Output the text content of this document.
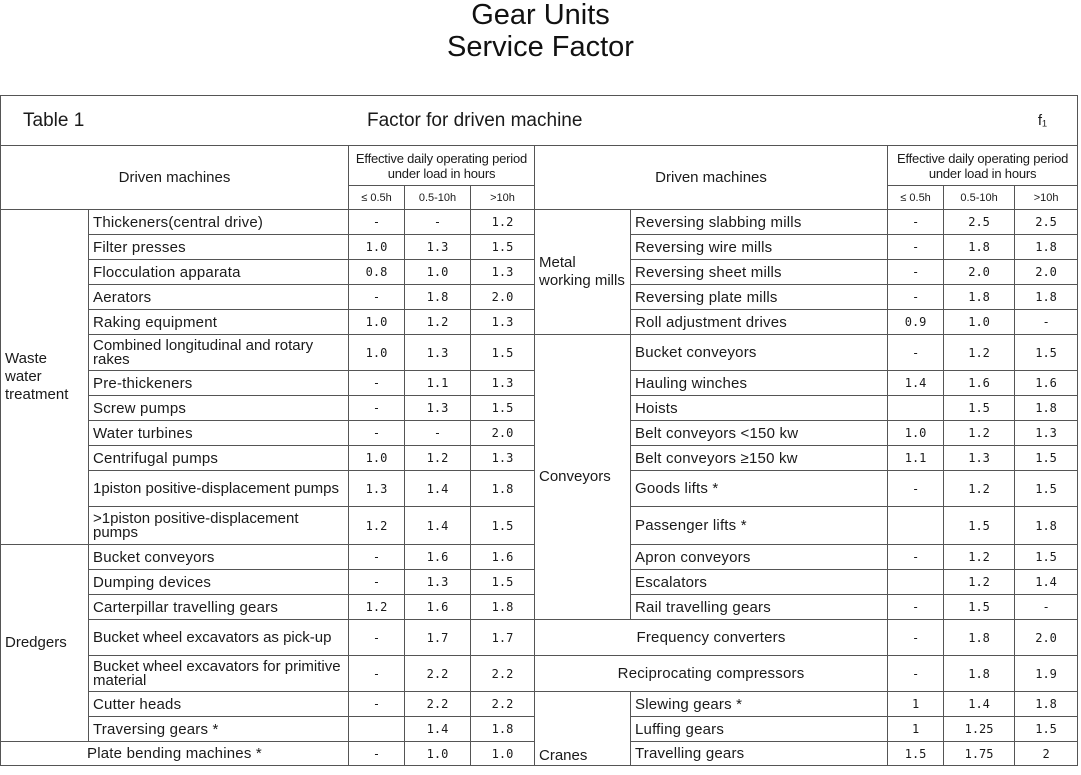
Gear Units
Service Factor
Table 1		Factor for driven machine					f₁		
Driven machines		Effective daily operating period under load in hours			Driven machines		Effective daily operating period under load in hours		
		≤ 0.5h	0.5-10h	>10h			≤ 0.5h	0.5-10h	>10h
Waste water treatment	Thickeners(central drive)	-	-	1.2	Metal working mills	Reversing slabbing mills	-	2.5	2.5
	Filter presses	1.0	1.3	1.5		Reversing wire mills	-	1.8	1.8
	Flocculation apparata	0.8	1.0	1.3		Reversing sheet mills	-	2.0	2.0
	Aerators	-	1.8	2.0		Reversing plate mills	-	1.8	1.8
	Raking equipment	1.0	1.2	1.3		Roll adjustment drives	0.9	1.0	-
	Combined longitudinal and rotary rakes	1.0	1.3	1.5	Conveyors	Bucket conveyors	-	1.2	1.5
	Pre-thickeners	-	1.1	1.3		Hauling winches	1.4	1.6	1.6
	Screw pumps	-	1.3	1.5		Hoists		1.5	1.8
	Water turbines	-	-	2.0		Belt conveyors <150 kw	1.0	1.2	1.3
	Centrifugal pumps	1.0	1.2	1.3		Belt conveyors ≥150 kw	1.1	1.3	1.5
	1piston positive-displacement pumps	1.3	1.4	1.8		Goods lifts *	-	1.2	1.5
	>1piston positive-displacement pumps	1.2	1.4	1.5		Passenger lifts *		1.5	1.8
Dredgers	Bucket conveyors	-	1.6	1.6		Apron conveyors	-	1.2	1.5
	Dumping devices	-	1.3	1.5		Escalators		1.2	1.4
	Carterpillar travelling gears	1.2	1.6	1.8		Rail travelling gears	-	1.5	-
	Bucket wheel excavators as pick-up	-	1.7	1.7	Frequency converters		-	1.8	2.0
	Bucket wheel excavators for primitive material	-	2.2	2.2	Reciprocating compressors		-	1.8	1.9
	Cutter heads	-	2.2	2.2	Cranes	Slewing gears *	1	1.4	1.8
	Traversing gears *		1.4	1.8		Luffing gears	1	1.25	1.5
Plate bending machines *		-	1.0	1.0		Travelling gears	1.5	1.75	2
